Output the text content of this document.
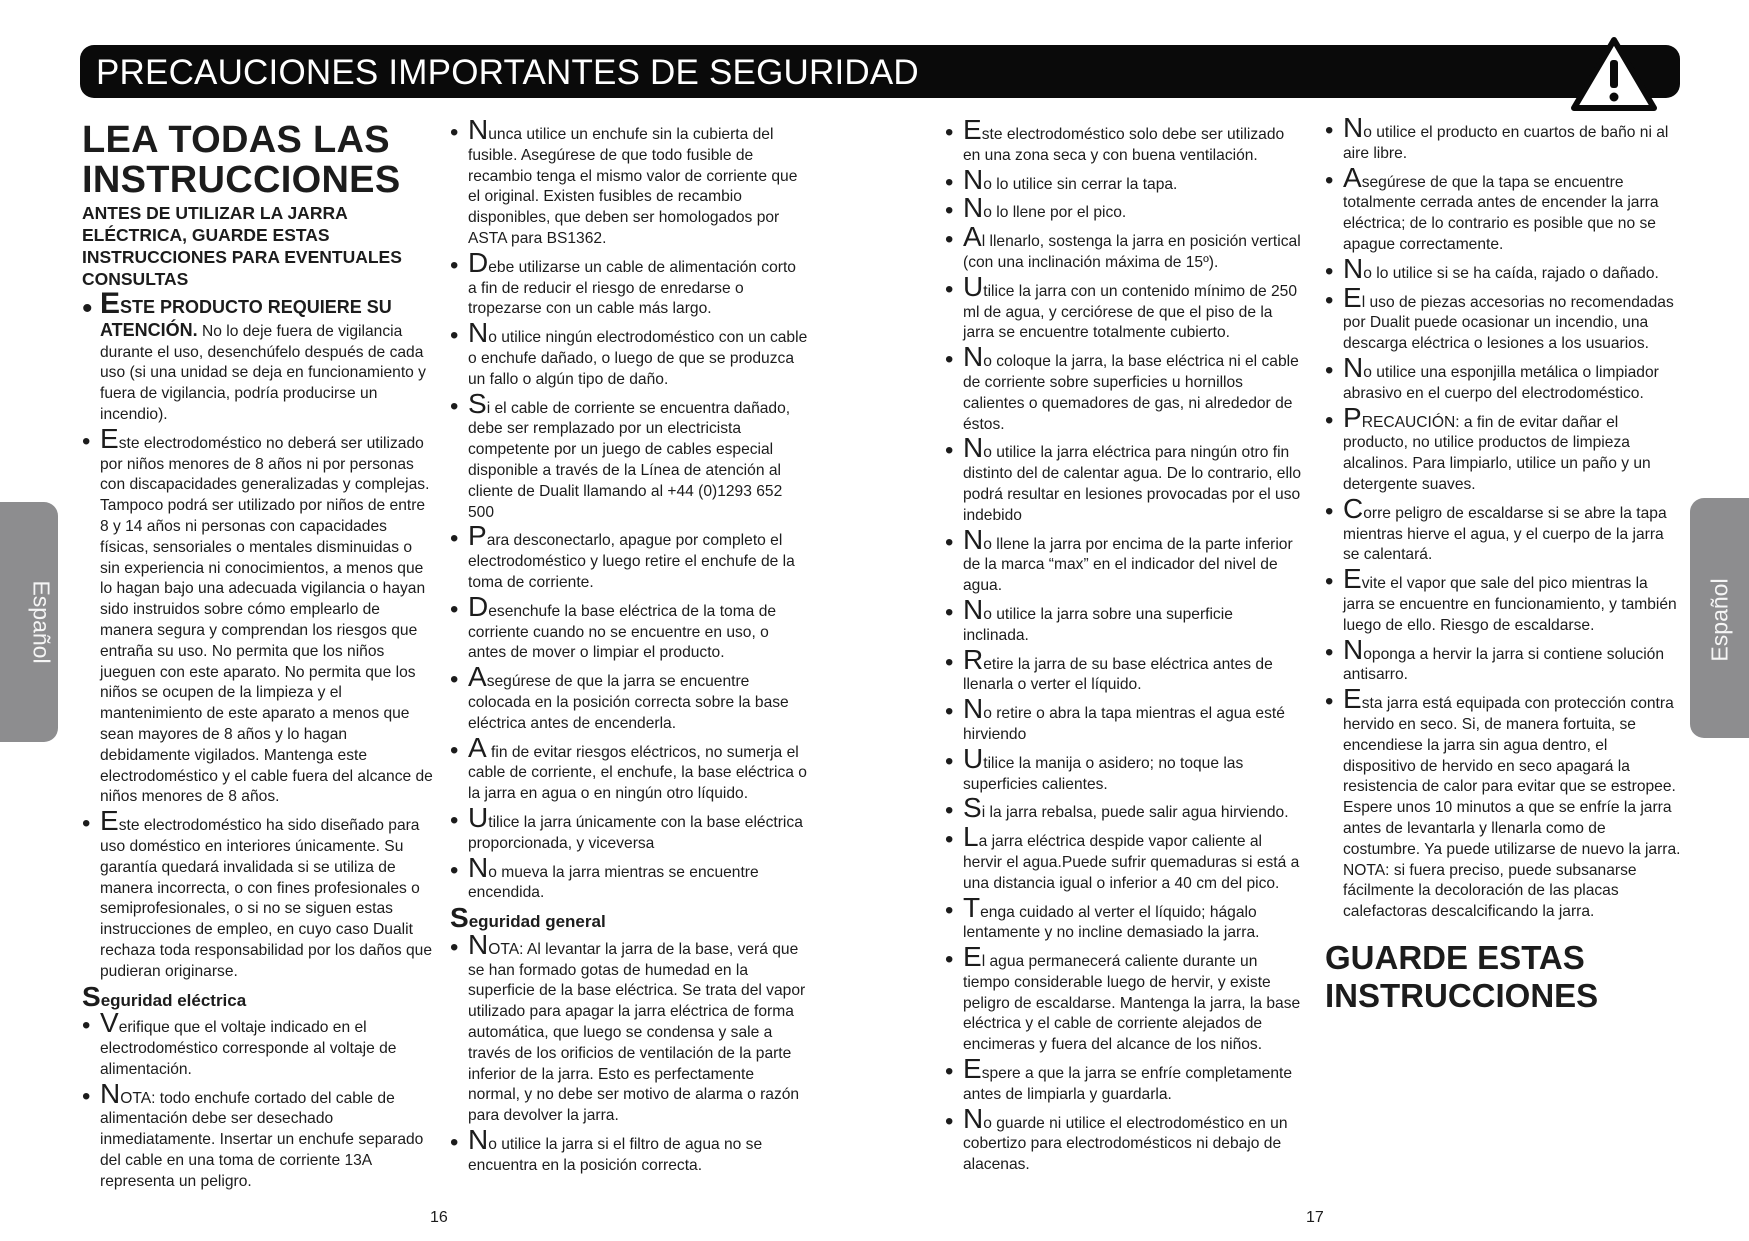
PRECAUCIONES IMPORTANTES DE SEGURIDAD
Español	Español
LEA TODAS LAS
INSTRUCCIONES
ANTES DE UTILIZAR LA JARRA ELÉCTRICA, GUARDE ESTAS INSTRUCCIONES PARA EVENTUALES CONSULTAS
• ESTE PRODUCTO REQUIERE SU ATENCIÓN. No lo deje fuera de vigilancia durante el uso, desenchúfelo después de cada uso (si una unidad se deja en funcionamiento y fuera de vigilancia, podría producirse un incendio).
• Este electrodoméstico no deberá ser utilizado por niños menores de 8 años ni por personas con discapacidades generalizadas y complejas. Tampoco podrá ser utilizado por niños de entre 8 y 14 años ni personas con capacidades físicas, sensoriales o mentales disminuidas o sin experiencia ni conocimientos, a menos que lo hagan bajo una adecuada vigilancia o hayan sido instruidos sobre cómo emplearlo de manera segura y comprendan los riesgos que entraña su uso. No permita que los niños jueguen con este aparato. No permita que los niños se ocupen de la limpieza y el mantenimiento de este aparato a menos que sean mayores de 8 años y lo hagan debidamente vigilados. Mantenga este electrodoméstico y el cable fuera del alcance de niños menores de 8 años.
• Este electrodoméstico ha sido diseñado para uso doméstico en interiores únicamente. Su garantía quedará invalidada si se utiliza de manera incorrecta, o con fines profesionales o semiprofesionales, o si no se siguen estas instrucciones de empleo, en cuyo caso Dualit rechaza toda responsabilidad por los daños que pudieran originarse.
Seguridad eléctrica
• Verifique que el voltaje indicado en el electrodoméstico corresponde al voltaje de alimentación.
• NOTA: todo enchufe cortado del cable de alimentación debe ser desechado inmediatamente. Insertar un enchufe separado del cable en una toma de corriente 13A representa un peligro.
• Nunca utilice un enchufe sin la cubierta del fusible. Asegúrese de que todo fusible de recambio tenga el mismo valor de corriente que el original. Existen fusibles de recambio disponibles, que deben ser homologados por ASTA para BS1362.
• Debe utilizarse un cable de alimentación corto a fin de reducir el riesgo de enredarse o tropezarse con un cable más largo.
• No utilice ningún electrodoméstico con un cable o enchufe dañado, o luego de que se produzca un fallo o algún tipo de daño.
• Si el cable de corriente se encuentra dañado, debe ser remplazado por un electricista competente por un juego de cables especial disponible a través de la Línea de atención al cliente de Dualit llamando al +44 (0)1293 652 500
• Para desconectarlo, apague por completo el electrodoméstico y luego retire el enchufe de la toma de corriente.
• Desenchufe la base eléctrica de la toma de corriente cuando no se encuentre en uso, o antes de mover o limpiar el producto.
• Asegúrese de que la jarra se encuentre colocada en la posición correcta sobre la base eléctrica antes de encenderla.
• A fin de evitar riesgos eléctricos, no sumerja el cable de corriente, el enchufe, la base eléctrica o la jarra en agua o en ningún otro líquido.
• Utilice la jarra únicamente con la base eléctrica proporcionada, y viceversa
• No mueva la jarra mientras se encuentre encendida.
Seguridad general
• NOTA: Al levantar la jarra de la base, verá que se han formado gotas de humedad en la superficie de la base eléctrica. Se trata del vapor utilizado para apagar la jarra eléctrica de forma automática, que luego se condensa y sale a través de los orificios de ventilación de la parte inferior de la jarra. Esto es perfectamente normal, y no debe ser motivo de alarma o razón para devolver la jarra.
• No utilice la jarra si el filtro de agua no se encuentra en la posición correcta.
• Este electrodoméstico solo debe ser utilizado en una zona seca y con buena ventilación.
• No lo utilice sin cerrar la tapa.
• No lo llene por el pico.
• Al llenarlo, sostenga la jarra en posición vertical (con una inclinación máxima de 15º).
• Utilice la jarra con un contenido mínimo de 250 ml de agua, y cerciórese de que el piso de la jarra se encuentre totalmente cubierto.
• No coloque la jarra, la base eléctrica ni el cable de corriente sobre superficies u hornillos calientes o quemadores de gas, ni alrededor de éstos.
• No utilice la jarra eléctrica para ningún otro fin distinto del de calentar agua. De lo contrario, ello podrá resultar en lesiones provocadas por el uso indebido
• No llene la jarra por encima de la parte inferior de la marca “max” en el indicador del nivel de agua.
• No utilice la jarra sobre una superficie inclinada.
• Retire la jarra de su base eléctrica antes de llenarla o verter el líquido.
• No retire o abra la tapa mientras el agua esté hirviendo
• Utilice la manija o asidero; no toque las superficies calientes.
• Si la jarra rebalsa, puede salir agua hirviendo.
• La jarra eléctrica despide vapor caliente al hervir el agua.Puede sufrir quemaduras si está a una distancia igual o inferior a 40 cm del pico.
• Tenga cuidado al verter el líquido; hágalo lentamente y no incline demasiado la jarra.
• El agua permanecerá caliente durante un tiempo considerable luego de hervir, y existe peligro de escaldarse. Mantenga la jarra, la base eléctrica y el cable de corriente alejados de encimeras y fuera del alcance de los niños.
• Espere a que la jarra se enfríe completamente antes de limpiarla y guardarla.
• No guarde ni utilice el electrodoméstico en un cobertizo para electrodomésticos ni debajo de alacenas.
• No utilice el producto en cuartos de baño ni al aire libre.
• Asegúrese de que la tapa se encuentre totalmente cerrada antes de encender la jarra eléctrica; de lo contrario es posible que no se apague correctamente.
• No lo utilice si se ha caída, rajado o dañado.
• El uso de piezas accesorias no recomendadas por Dualit puede ocasionar un incendio, una descarga eléctrica o lesiones a los usuarios.
• No utilice una esponjilla metálica o limpiador abrasivo en el cuerpo del electrodoméstico.
• PRECAUCIÓN: a fin de evitar dañar el producto, no utilice productos de limpieza alcalinos. Para limpiarlo, utilice un paño y un detergente suaves.
• Corre peligro de escaldarse si se abre la tapa mientras hierve el agua, y el cuerpo de la jarra se calentará.
• Evite el vapor que sale del pico mientras la jarra se encuentre en funcionamiento, y también luego de ello. Riesgo de escaldarse.
• Noponga a hervir la jarra si contiene solución antisarro.
• Esta jarra está equipada con protección contra hervido en seco. Si, de manera fortuita, se encendiese la jarra sin agua dentro, el dispositivo de hervido en seco apagará la resistencia de calor para evitar que se estropee. Espere unos 10 minutos a que se enfríe la jarra antes de levantarla y llenarla como de costumbre. Ya puede utilizarse de nuevo la jarra. NOTA: si fuera preciso, puede subsanarse fácilmente la decoloración de las placas calefactoras descalcificando la jarra.
GUARDE ESTAS
INSTRUCCIONES
16	17
